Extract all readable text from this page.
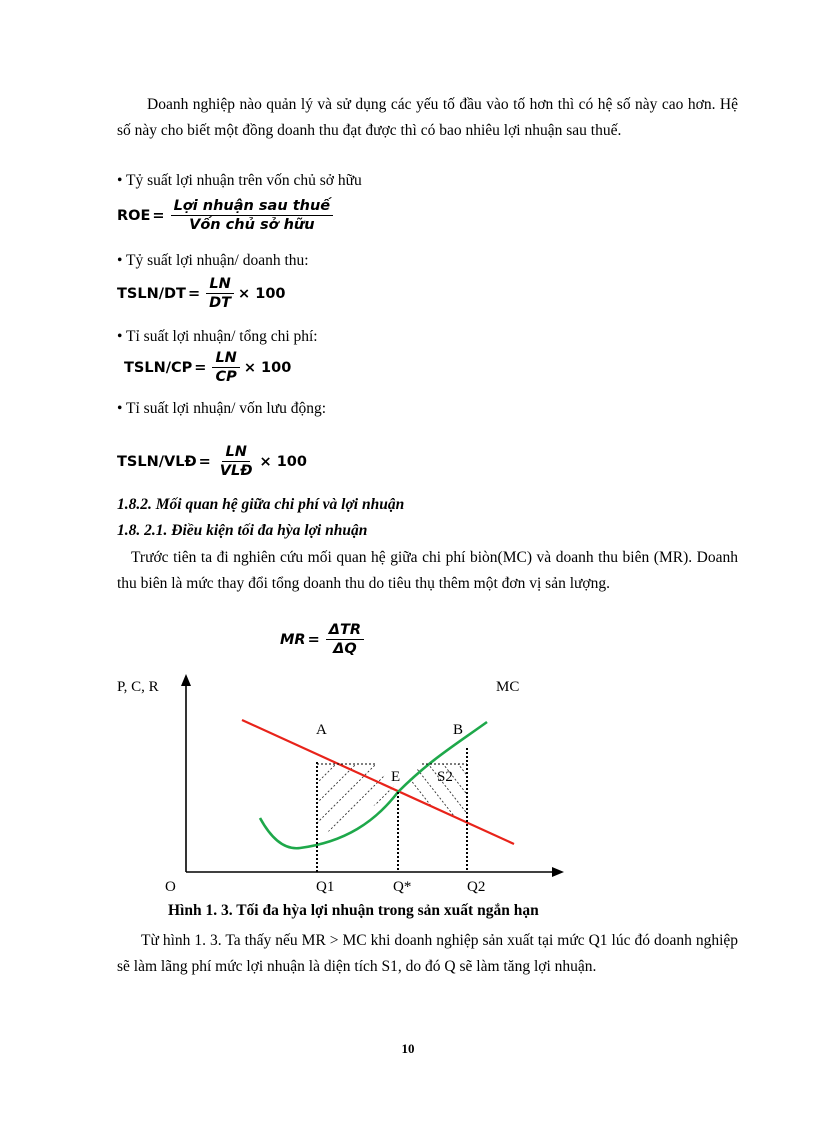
Doanh nghiệp nào quản lý và sử dụng các yếu tố đầu vào tố hơn thì có hệ số này cao hơn. Hệ số này cho biết một đồng doanh thu đạt được thì có bao nhiêu lợi nhuận sau thuế.
• Tỷ suất lợi nhuận trên vốn chủ sở hữu
ROE = $\frac{\text{Lợi nhuận sau thuế}}{\text{Vốn chủ sở hữu}}$
• Tỷ suất lợi nhuận/ doanh thu:
TSLN/DT = $\frac{LN}{DT} \times 100$
• Tỉ suất lợi nhuận/ tổng chi phí:
TSLN/CP = $\frac{LN}{CP} \times 100$
• Tỉ suất lợi nhuận/ vốn lưu động:
TSLN/VLĐ = $\frac{LN}{\text{VLĐ}} \times 100$
1.8.2. Mối quan hệ giữa chi phí và lợi nhuận
1.8. 2.1. Điều kiện tối đa hỳa lợi nhuận
Trước tiên ta đi nghiên cứu mối quan hệ giữa chi phí biòn(MC) và doanh thu biên (MR). Doanh thu biên là mức thay đổi tổng doanh thu do tiêu thụ thêm một đơn vị sản lượng.
MR = $\frac{\text{ΔTR}}{\Delta Q}$
P, C, R	MC
A	B
E S2
O	Q1	Q*	Q2
Hình 1. 3. Tối đa hỳa lợi nhuận trong sản xuất ngắn hạn
Từ hình 1. 3. Ta thấy nếu MR > MC khi doanh nghiệp sản xuất tại mức Q1 lúc đó doanh nghiệp sẽ làm lãng phí mức lợi nhuận là diện tích S1, do đó Q sẽ làm tăng lợi nhuận.
10
